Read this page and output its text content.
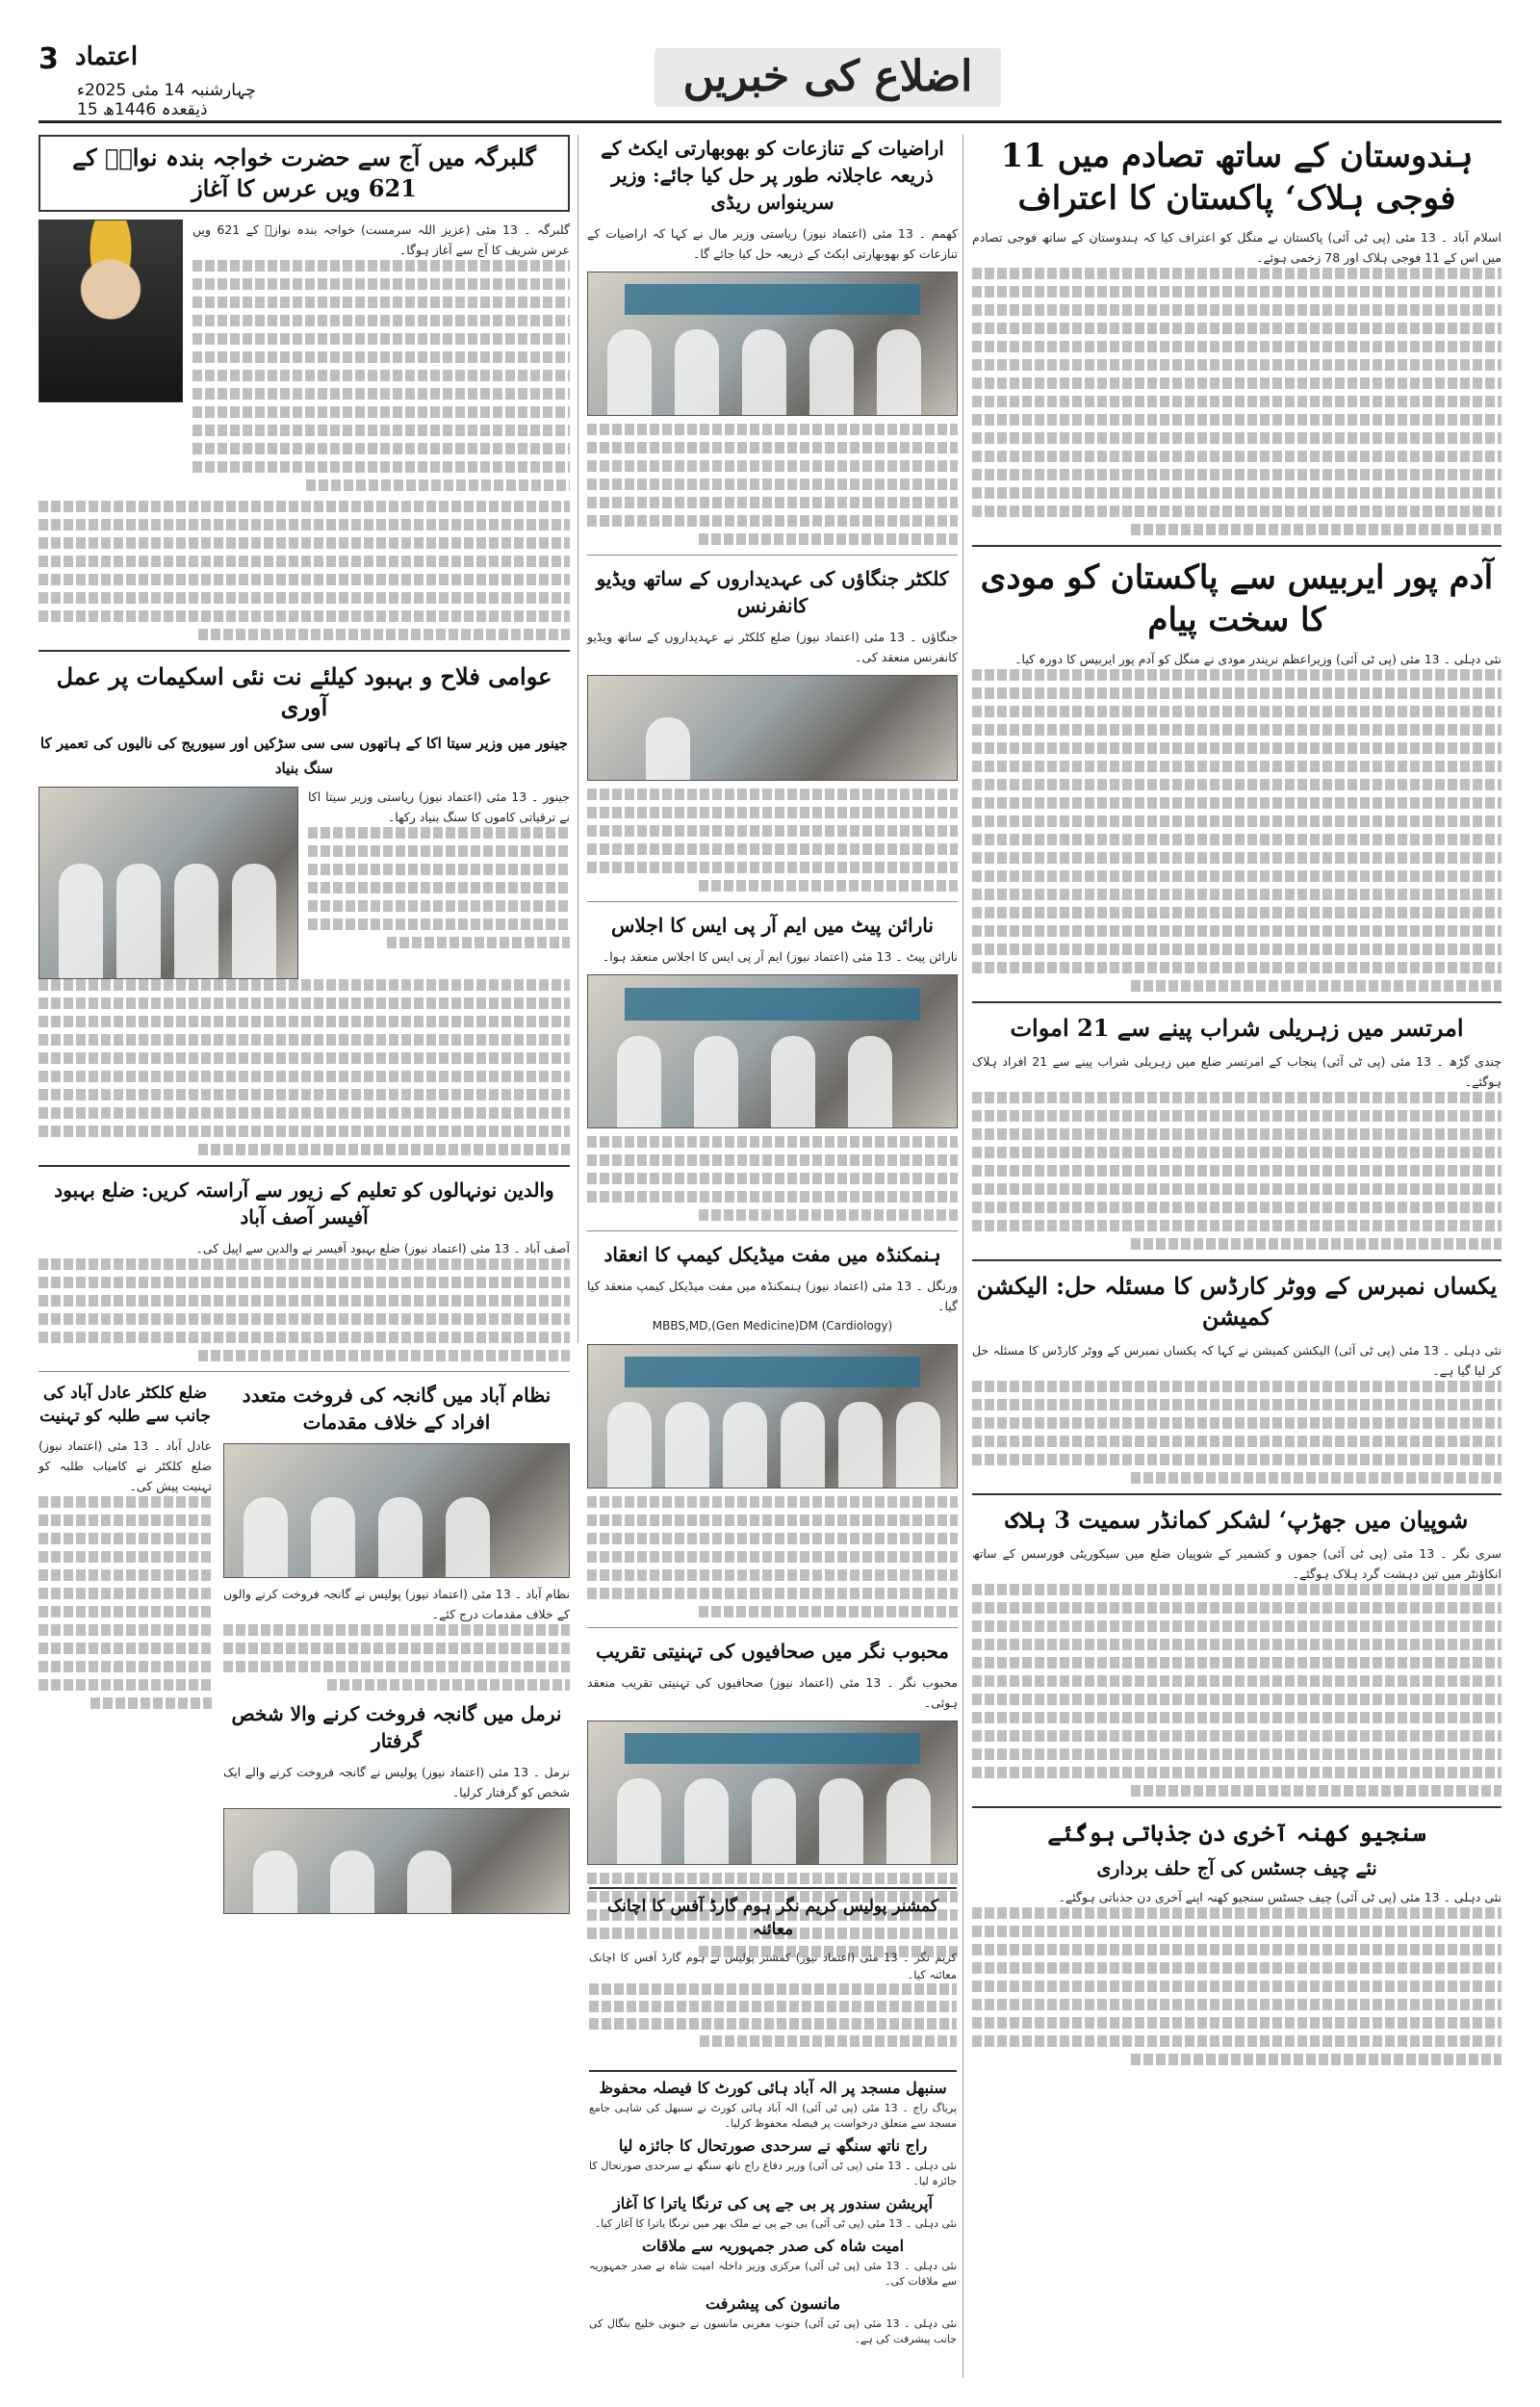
3 اعتماد
چہارشنبہ 14 مئی 2025ء
15 ذیقعدہ 1446ھ
اضلاع کی خبریں
ہندوستان کے ساتھ تصادم میں 11 فوجی ہلاک‘ پاکستان کا اعتراف
اسلام آباد ۔ 13 مئی (پی ٹی آئی) پاکستان نے منگل کو اعتراف کیا کہ ہندوستان کے ساتھ فوجی تصادم میں اس کے 11 فوجی ہلاک اور 78 زخمی ہوئے۔
آدم پور ایربیس سے پاکستان کو مودی کا سخت پیام
نئی دہلی ۔ 13 مئی (پی ٹی آئی) وزیراعظم نریندر مودی نے منگل کو آدم پور ایربیس کا دورہ کیا۔
امرتسر میں زہریلی شراب پینے سے 21 اموات
چندی گڑھ ۔ 13 مئی (پی ٹی آئی) پنجاب کے امرتسر ضلع میں زہریلی شراب پینے سے 21 افراد ہلاک ہوگئے۔
یکساں نمبرس کے ووٹر کارڈس کا مسئلہ حل: الیکشن کمیشن
نئی دہلی ۔ 13 مئی (پی ٹی آئی) الیکشن کمیشن نے کہا کہ یکساں نمبرس کے ووٹر کارڈس کا مسئلہ حل کر لیا گیا ہے۔
شوپیان میں جھڑپ‘ لشکر کمانڈر سمیت 3 ہلاک
سری نگر ۔ 13 مئی (پی ٹی آئی) جموں و کشمیر کے شوپیان ضلع میں سیکوریٹی فورسس کے ساتھ انکاؤنٹر میں تین دہشت گرد ہلاک ہوگئے۔
سنجیو کھنہ آخری دن جذباتی ہوگئے
نئے چیف جسٹس کی آج حلف برداری
نئی دہلی ۔ 13 مئی (پی ٹی آئی) چیف جسٹس سنجیو کھنہ اپنے آخری دن جذباتی ہوگئے۔
اراضیات کے تنازعات کو بھوبھارتی ایکٹ کے ذریعہ عاجلانہ طور پر حل کیا جائے: وزیر سرینواس ریڈی
کھمم ۔ 13 مئی (اعتماد نیوز) ریاستی وزیر مال نے کہا کہ اراضیات کے تنازعات کو بھوبھارتی ایکٹ کے ذریعہ حل کیا جائے گا۔
کلکٹر جنگاؤں کی عہدیداروں کے ساتھ ویڈیو کانفرنس
جنگاؤں ۔ 13 مئی (اعتماد نیوز) ضلع کلکٹر نے عہدیداروں کے ساتھ ویڈیو کانفرنس منعقد کی۔
نارائن پیٹ میں ایم آر پی ایس کا اجلاس
نارائن پیٹ ۔ 13 مئی (اعتماد نیوز) ایم آر پی ایس کا اجلاس منعقد ہوا۔
ہنمکنڈہ میں مفت میڈیکل کیمپ کا انعقاد
ورنگل ۔ 13 مئی (اعتماد نیوز) ہنمکنڈہ میں مفت میڈیکل کیمپ منعقد کیا گیا۔
MBBS,MD,(Gen Medicine)DM (Cardiology)
محبوب نگر میں صحافیوں کی تہنیتی تقریب
محبوب نگر ۔ 13 مئی (اعتماد نیوز) صحافیوں کی تہنیتی تقریب منعقد ہوئی۔
گلبرگہ میں آج سے حضرت خواجہ بندہ نوازؒ کے 621 ویں عرس کا آغاز
گلبرگہ ۔ 13 مئی (عزیز اللہ سرمست) خواجہ بندہ نوازؒ کے 621 ویں عرس شریف کا آج سے آغاز ہوگا۔
عوامی فلاح و بہبود کیلئے نت نئی اسکیمات پر عمل آوری
جینور میں وزیر سیتا اکا کے ہاتھوں سی سی سڑکیں اور سیوریج کی نالیوں کی تعمیر کا سنگ بنیاد
جینور ۔ 13 مئی (اعتماد نیوز) ریاستی وزیر سیتا اکا نے ترقیاتی کاموں کا سنگ بنیاد رکھا۔
والدین نونہالوں کو تعلیم کے زیور سے آراستہ کریں: ضلع بہبود آفیسر آصف آباد
آصف آباد ۔ 13 مئی (اعتماد نیوز) ضلع بہبود آفیسر نے والدین سے اپیل کی۔
نظام آباد میں گانجہ کی فروخت متعدد افراد کے خلاف مقدمات
نظام آباد ۔ 13 مئی (اعتماد نیوز) پولیس نے گانجہ فروخت کرنے والوں کے خلاف مقدمات درج کئے۔
نرمل میں گانجہ فروخت کرنے والا شخص گرفتار
نرمل ۔ 13 مئی (اعتماد نیوز) پولیس نے گانجہ فروخت کرنے والے ایک شخص کو گرفتار کرلیا۔
ضلع کلکٹر عادل آباد کی جانب سے طلبہ کو تہنیت
عادل آباد ۔ 13 مئی (اعتماد نیوز) ضلع کلکٹر نے کامیاب طلبہ کو تہنیت پیش کی۔
سنبھل مسجد پر الہ آباد ہائی کورٹ کا فیصلہ محفوظ
پریاگ راج ۔ 13 مئی (پی ٹی آئی) الہ آباد ہائی کورٹ نے سنبھل کی شاہی جامع مسجد سے متعلق درخواست پر فیصلہ محفوظ کرلیا۔
راج ناتھ سنگھ نے سرحدی صورتحال کا جائزہ لیا
نئی دہلی ۔ 13 مئی (پی ٹی آئی) وزیر دفاع راج ناتھ سنگھ نے سرحدی صورتحال کا جائزہ لیا۔
آپریشن سندور پر بی جے پی کی ترنگا یاترا کا آغاز
نئی دہلی ۔ 13 مئی (پی ٹی آئی) بی جے پی نے ملک بھر میں ترنگا یاترا کا آغاز کیا۔
امیت شاہ کی صدر جمہوریہ سے ملاقات
نئی دہلی ۔ 13 مئی (پی ٹی آئی) مرکزی وزیر داخلہ امیت شاہ نے صدر جمہوریہ سے ملاقات کی۔
مانسون کی پیشرفت
نئی دہلی ۔ 13 مئی (پی ٹی آئی) جنوب مغربی مانسون نے جنوبی خلیج بنگال کی جانب پیشرفت کی ہے۔
کمشنر پولیس کریم نگر ہوم گارڈ آفس کا اچانک معائنہ
کریم نگر ۔ 13 مئی (اعتماد نیوز) کمشنر پولیس نے ہوم گارڈ آفس کا اچانک معائنہ کیا۔
